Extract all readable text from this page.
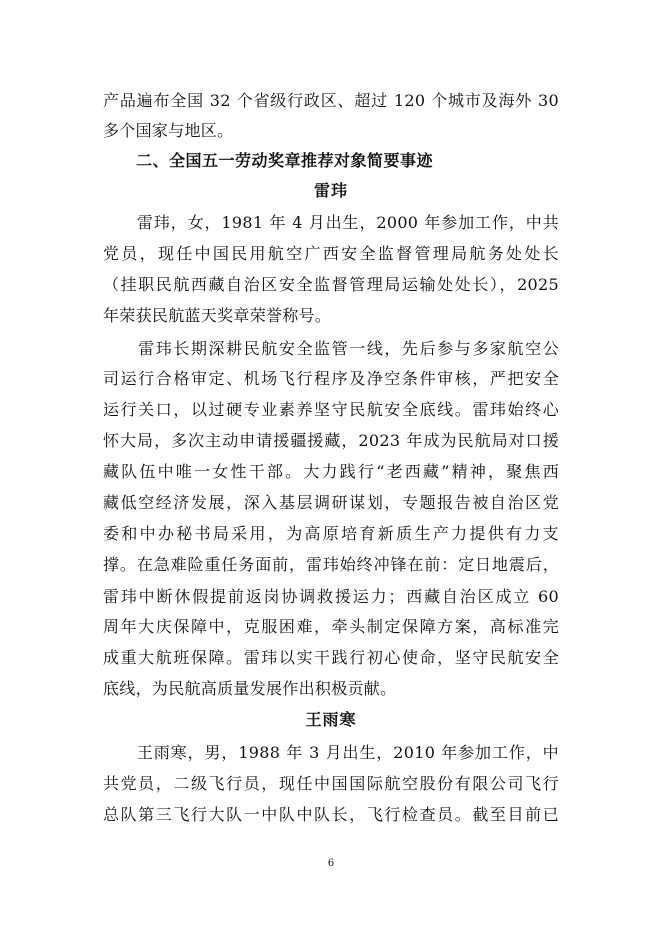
产品遍布全国 32 个省级行政区、超过 120 个城市及海外 30
多个国家与地区。
二、全国五一劳动奖章推荐对象简要事迹
雷玮
　　雷玮，女，1981 年 4 月出生，2000 年参加工作，中共
党员，现任中国民用航空广西安全监督管理局航务处处长
（挂职民航西藏自治区安全监督管理局运输处处长），2025
年荣获民航蓝天奖章荣誉称号。
　　雷玮长期深耕民航安全监管一线，先后参与多家航空公
司运行合格审定、机场飞行程序及净空条件审核，严把安全
运行关口，以过硬专业素养坚守民航安全底线。雷玮始终心
怀大局，多次主动申请援疆援藏，2023 年成为民航局对口援
藏队伍中唯一女性干部。大力践行“老西藏”精神，聚焦西
藏低空经济发展，深入基层调研谋划，专题报告被自治区党
委和中办秘书局采用，为高原培育新质生产力提供有力支
撑。在急难险重任务面前，雷玮始终冲锋在前：定日地震后，
雷玮中断休假提前返岗协调救援运力；西藏自治区成立 60
周年大庆保障中，克服困难，牵头制定保障方案，高标准完
成重大航班保障。雷玮以实干践行初心使命，坚守民航安全
底线，为民航高质量发展作出积极贡献。
王雨寒
　　王雨寒，男，1988 年 3 月出生，2010 年参加工作，中
共党员，二级飞行员，现任中国国际航空股份有限公司飞行
总队第三飞行大队一中队中队长，飞行检查员。截至目前已
6
